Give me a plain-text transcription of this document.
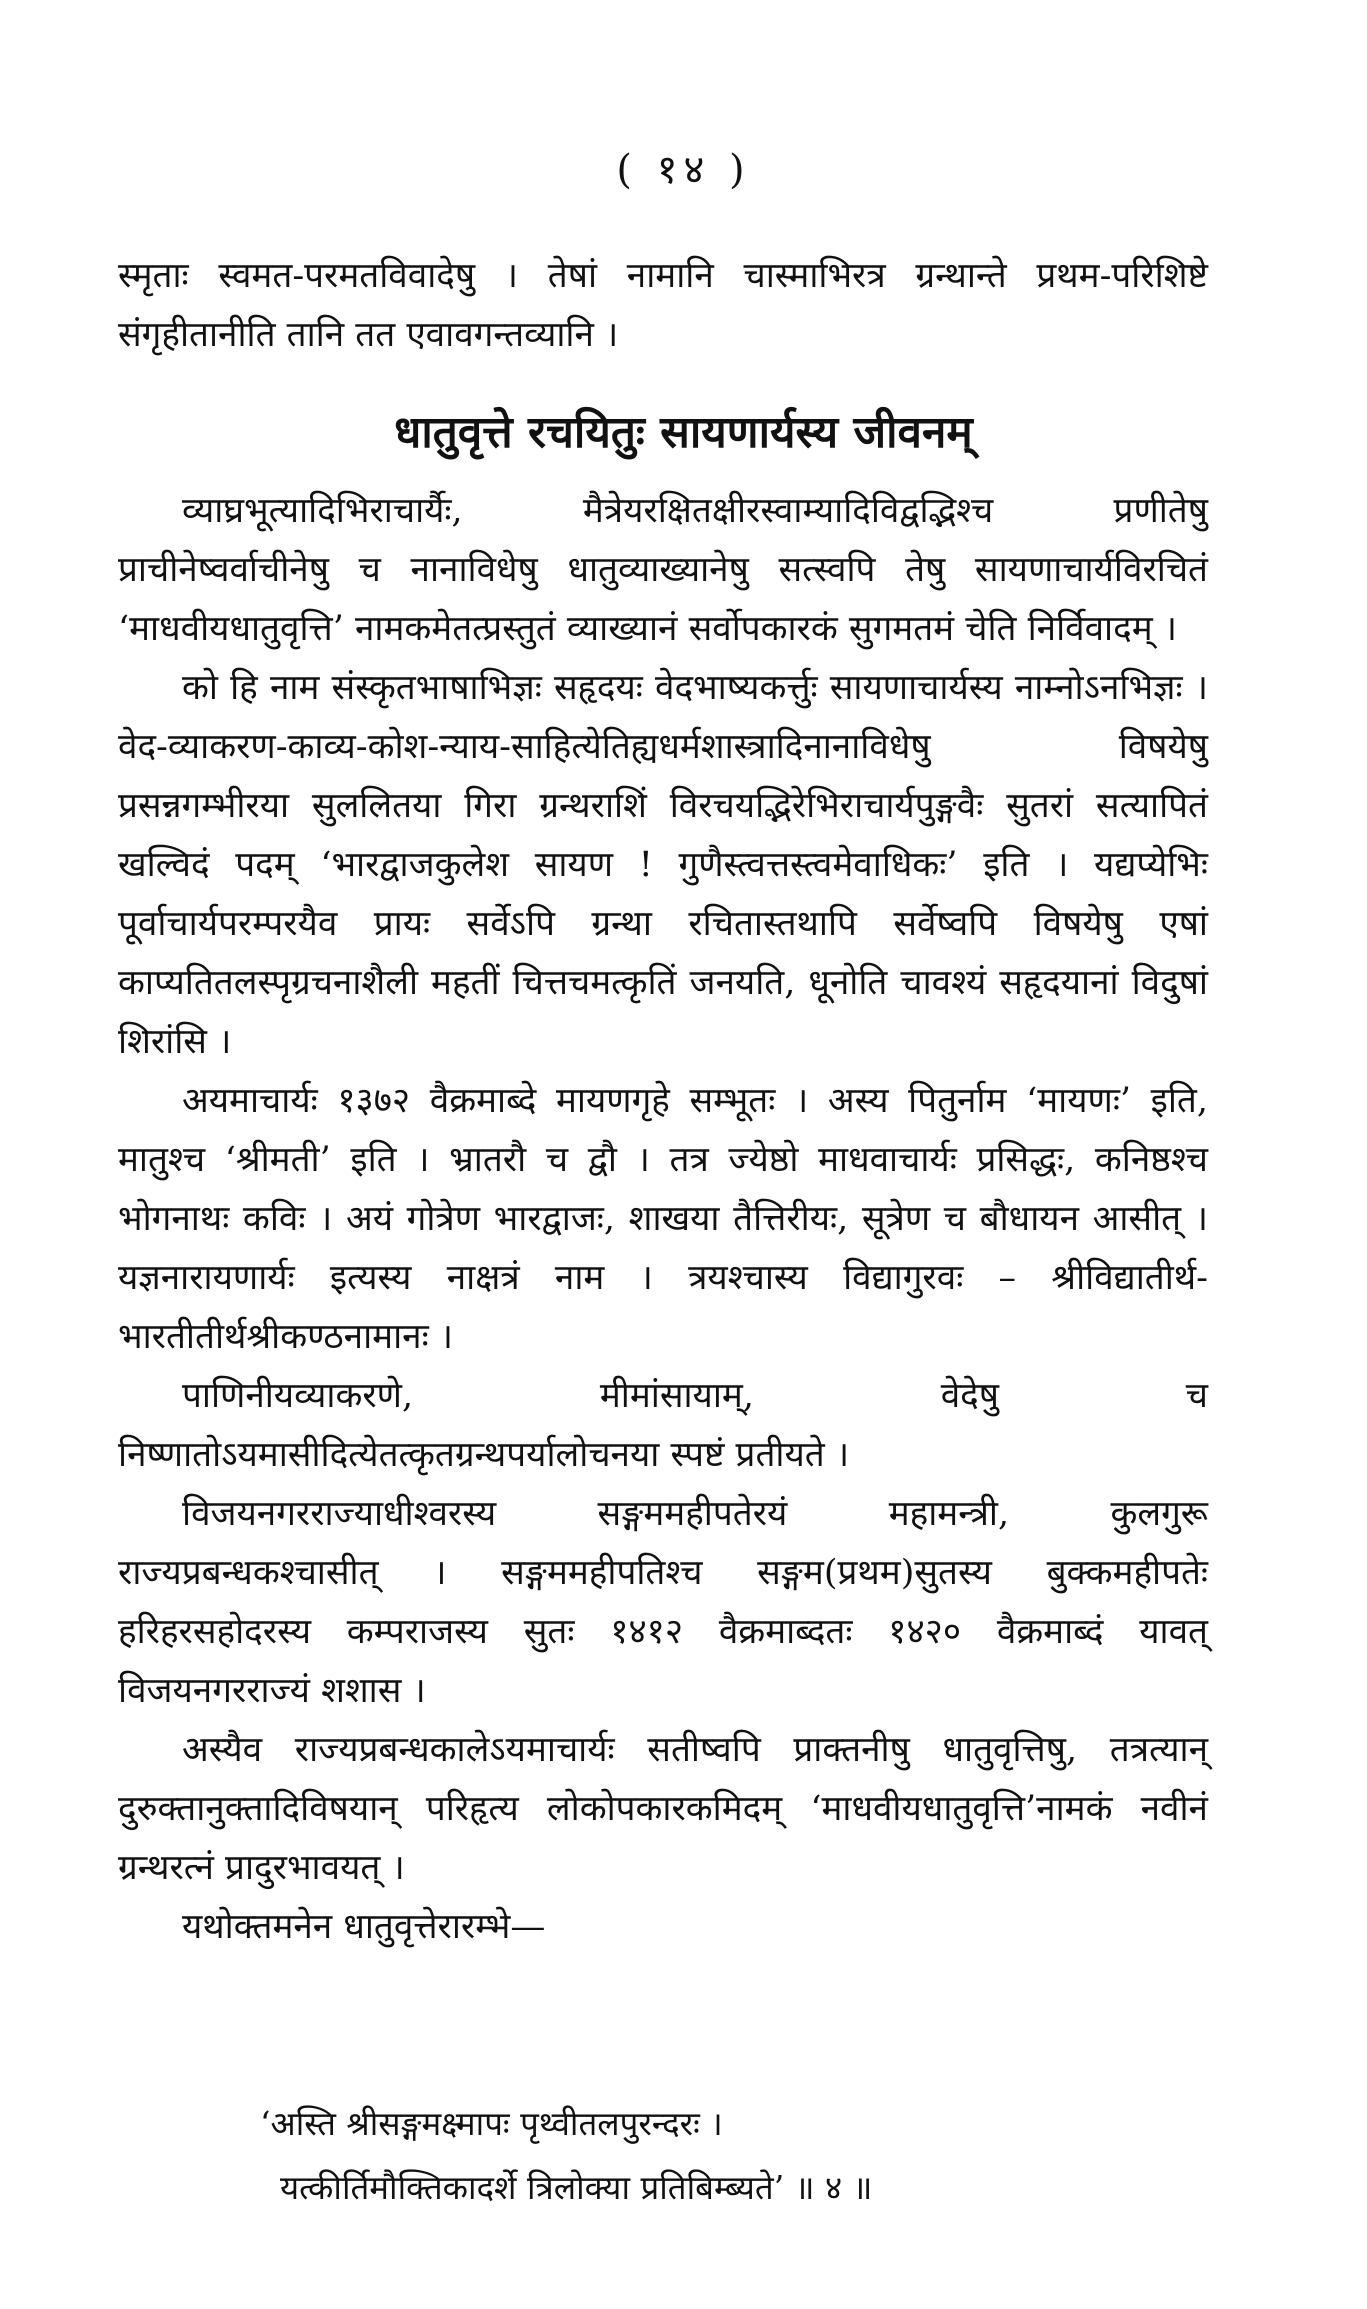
( १४ )

स्मृताः स्वमत-परमतविवादेषु । तेषां नामानि चास्माभिरत्र ग्रन्थान्ते प्रथम-परिशिष्टे संगृहीतानीति तानि तत एवावगन्तव्यानि ।

धातुवृत्ते रचयितुः सायणार्यस्य जीवनम्

व्याघ्रभूत्यादिभिराचार्यैः, मैत्रेयरक्षितक्षीरस्वाम्यादिविद्वद्भिश्च प्रणीतेषु प्राचीनेष्वर्वाचीनेषु च नानाविधेषु धातुव्याख्यानेषु सत्स्वपि तेषु सायणाचार्यविरचितं ‘माधवीयधातुवृत्ति’ नामकमेतत्प्रस्तुतं व्याख्यानं सर्वोपकारकं सुगमतमं चेति निर्विवादम् ।

को हि नाम संस्कृतभाषाभिज्ञः सहृदयः वेदभाष्यकर्त्तुः सायणाचार्यस्य नाम्नोऽनभिज्ञः । वेद-व्याकरण-काव्य-कोश-न्याय-साहित्येतिह्यधर्मशास्त्रादिनानाविधेषु विषयेषु प्रसन्नगम्भीरया सुललितया गिरा ग्रन्थराशिं विरचयद्भिरेभिराचार्यपुङ्गवैः सुतरां सत्यापितं खल्विदं पदम् ‘भारद्वाजकुलेश सायण ! गुणैस्त्वत्तस्त्वमेवाधिकः’ इति । यद्यप्येभिः पूर्वाचार्यपरम्परयैव प्रायः सर्वेऽपि ग्रन्था रचितास्तथापि सर्वेष्वपि विषयेषु एषां काप्यतितलस्पृग्रचनाशैली महतीं चित्तचमत्कृतिं जनयति, धूनोति चावश्यं सहृदयानां विदुषां शिरांसि ।

अयमाचार्यः १३७२ वैक्रमाब्दे मायणगृहे सम्भूतः । अस्य पितुर्नाम ‘मायणः’ इति, मातुश्च ‘श्रीमती’ इति । भ्रातरौ च द्वौ । तत्र ज्येष्ठो माधवाचार्यः प्रसिद्धः, कनिष्ठश्च भोगनाथः कविः । अयं गोत्रेण भारद्वाजः, शाखया तैत्तिरीयः, सूत्रेण च बौधायन आसीत् । यज्ञनारायणार्यः इत्यस्य नाक्षत्रं नाम । त्रयश्चास्य विद्यागुरवः – श्रीविद्यातीर्थ-भारतीतीर्थश्रीकण्ठनामानः ।

पाणिनीयव्याकरणे, मीमांसायाम्, वेदेषु च निष्णातोऽयमासीदित्येतत्कृतग्रन्थपर्यालोचनया स्पष्टं प्रतीयते ।

विजयनगरराज्याधीश्वरस्य सङ्गममहीपतेरयं महामन्त्री, कुलगुरू राज्यप्रबन्धकश्चासीत् । सङ्गममहीपतिश्च सङ्गम(प्रथम)सुतस्य बुक्कमहीपतेः हरिहरसहोदरस्य कम्पराजस्य सुतः १४१२ वैक्रमाब्दतः १४२० वैक्रमाब्दं यावत् विजयनगरराज्यं शशास ।

अस्यैव राज्यप्रबन्धकालेऽयमाचार्यः सतीष्वपि प्राक्तनीषु धातुवृत्तिषु, तत्रत्यान् दुरुक्तानुक्तादिविषयान् परिहृत्य लोकोपकारकमिदम् ‘माधवीयधातुवृत्ति’नामकं नवीनं ग्रन्थरत्नं प्रादुरभावयत् ।

यथोक्तमनेन धातुवृत्तेरारम्भे—

‘अस्ति श्रीसङ्गमक्ष्मापः पृथ्वीतलपुरन्दरः ।

यत्कीर्तिमौक्तिकादर्शे त्रिलोक्या प्रतिबिम्ब्यते’ ॥ ४ ॥
